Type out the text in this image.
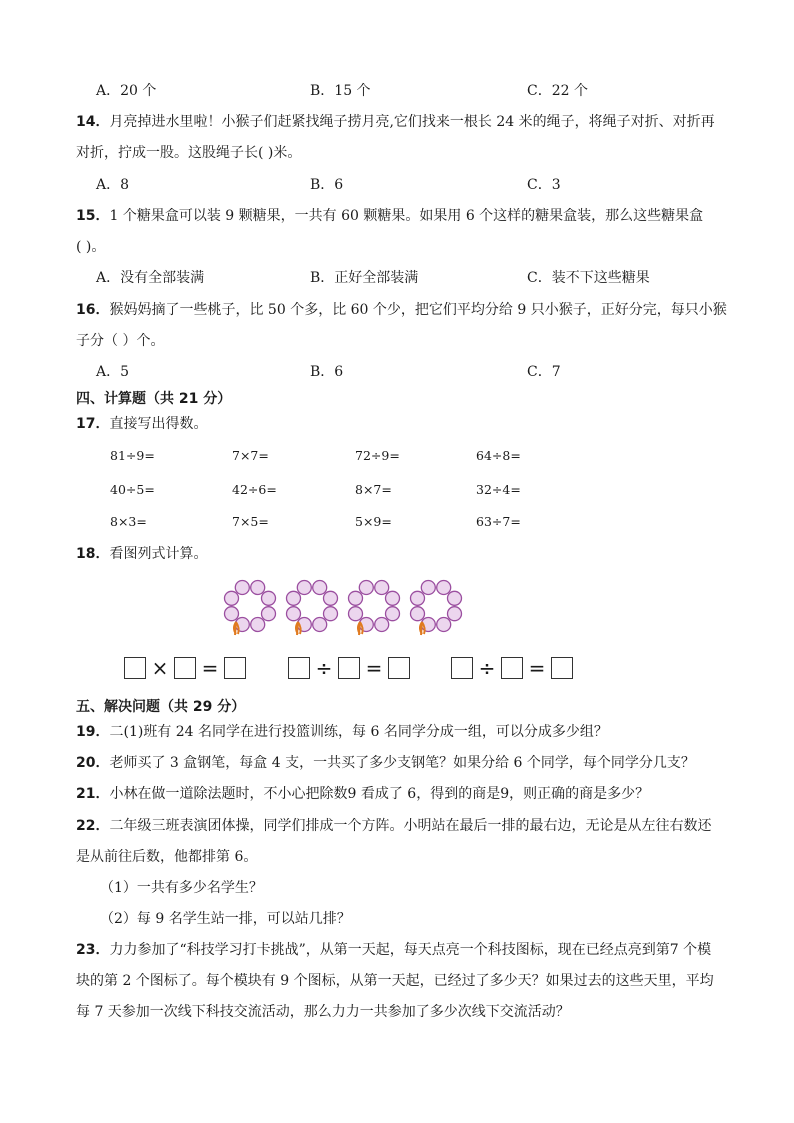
A．20 个	B．15 个	C．22 个
14．月亮掉进水里啦！小猴子们赶紧找绳子捞月亮,它们找来一根长 24 米的绳子，将绳子对折、对折再
对折，拧成一股。这股绳子长( )米。
A．8	B．6	C．3
15．1 个糖果盒可以装 9 颗糖果，一共有 60 颗糖果。如果用 6 个这样的糖果盒装，那么这些糖果盒
( )。
A．没有全部装满	B．正好全部装满	C．装不下这些糖果
16．猴妈妈摘了一些桃子，比 50 个多，比 60 个少，把它们平均分给 9 只小猴子，正好分完，每只小猴
子分（ ）个。
A．5	B．6	C．7
四、计算题（共 21 分）
17．直接写出得数。
81÷9=	7×7=	72÷9=	64÷8=
40÷5=	42÷6=	8×7=	32÷4=
8×3=	7×5=	5×9=	63÷7=
18．看图列式计算。
× =	÷ =	÷ =
五、解决问题（共 29 分）
19．二(1)班有 24 名同学在进行投篮训练，每 6 名同学分成一组，可以分成多少组？
20．老师买了 3 盒钢笔，每盒 4 支，一共买了多少支钢笔？如果分给 6 个同学，每个同学分几支？
21．小林在做一道除法题时，不小心把除数9 看成了 6，得到的商是9，则正确的商是多少？
22．二年级三班表演团体操，同学们排成一个方阵。小明站在最后一排的最右边，无论是从左往右数还
是从前往后数，他都排第 6。
（1）一共有多少名学生？
（2）每 9 名学生站一排，可以站几排？
23．力力参加了“科技学习打卡挑战”，从第一天起，每天点亮一个科技图标，现在已经点亮到第7 个模
块的第 2 个图标了。每个模块有 9 个图标，从第一天起，已经过了多少天？如果过去的这些天里，平均
每 7 天参加一次线下科技交流活动，那么力力一共参加了多少次线下交流活动？
